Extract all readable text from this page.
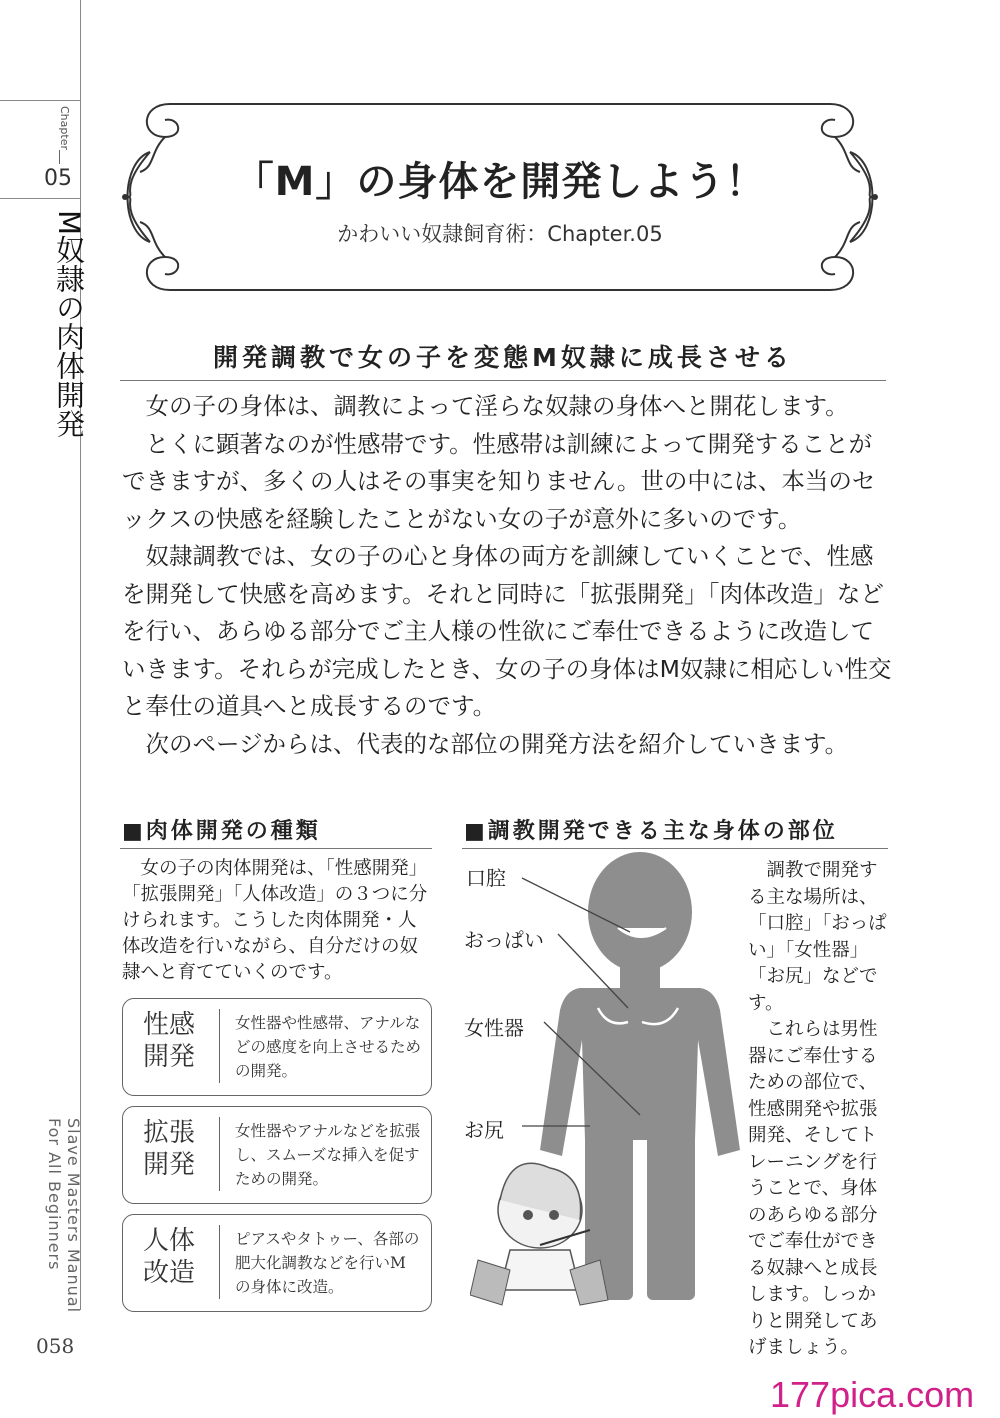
Chapter
05
M奴隷の肉体開発
Slave Masters Manual For All Beginners
058
「M」の身体を開発しよう！
かわいい奴隷飼育術：Chapter.05
開発調教で女の子を変態M奴隷に成長させる

女の子の身体は、調教によって淫らな奴隷の身体へと開花します。

とくに顕著なのが性感帯です。性感帯は訓練によって開発することができますが、多くの人はその事実を知りません。世の中には、本当のセックスの快感を経験したことがない女の子が意外に多いのです。

奴隷調教では、女の子の心と身体の両方を訓練していくことで、性感を開発して快感を高めます。それと同時に「拡張開発」「肉体改造」などを行い、あらゆる部分でご主人様の性欲にご奉仕できるように改造していきます。それらが完成したとき、女の子の身体はM奴隷に相応しい性交と奉仕の道具へと成長するのです。

次のページからは、代表的な部位の開発方法を紹介していきます。

■肉体開発の種類
女の子の肉体開発は、「性感開発」「拡張開発」「人体改造」の３つに分けられます。こうした肉体開発・人体改造を行いながら、自分だけの奴隷へと育てていくのです。
性感
開発
女性器や性感帯、アナルなどの感度を向上させるための開発。
拡張
開発
女性器やアナルなどを拡張し、スムーズな挿入を促すための開発。
人体
改造
ピアスやタトゥー、各部の肥大化調教などを行いMの身体に改造。
■調教開発できる主な身体の部位
口腔
おっぱい
女性器
お尻

調教で開発する主な場所は、「口腔」「おっぱい」「女性器」「お尻」などです。

これらは男性器にご奉仕するための部位で、性感開発や拡張開発、そしてトレーニングを行うことで、身体のあらゆる部分でご奉仕ができる奴隷へと成長します。しっかりと開発してあげましょう。

177pica.com
